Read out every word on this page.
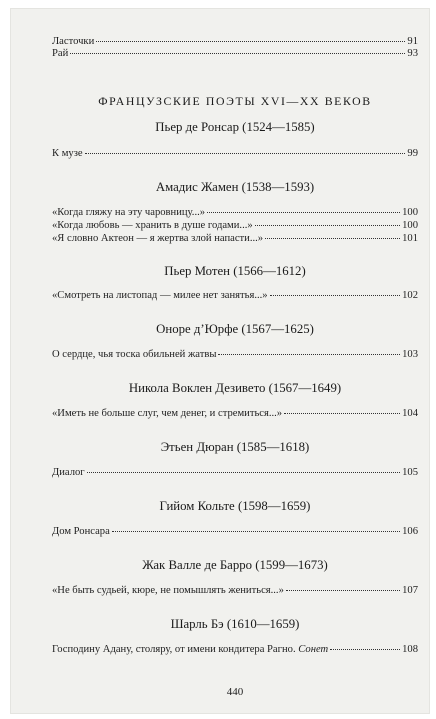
Ласточки	91
Рай	93
ФРАНЦУЗСКИЕ ПОЭТЫ XVI—XX ВЕКОВ
Пьер де Ронсар (1524—1585)
К музе	99
Амадис Жамен (1538—1593)
«Когда гляжу на эту чаровницу...»	100
«Когда любовь — хранить в душе годами...»	100
«Я словно Актеон — я жертва злой напасти...»	101
Пьер Мотен (1566—1612)
«Смотреть на листопад — милее нет занятья...»	102
Оноре д’Юрфе (1567—1625)
О сердце, чья тоска обильней жатвы	103
Никола Воклен Дезивето (1567—1649)
«Иметь не больше слуг, чем денег, и стремиться...»	104
Этьен Дюран (1585—1618)
Диалог	105
Гийом Кольте (1598—1659)
Дом Ронсара	106
Жак Валле де Барро (1599—1673)
«Не быть судьей, кюре, не помышлять жениться...»	107
Шарль Бэ (1610—1659)
Господину Адану, столяру, от имени кондитера Рагно. Сонет	108
440
